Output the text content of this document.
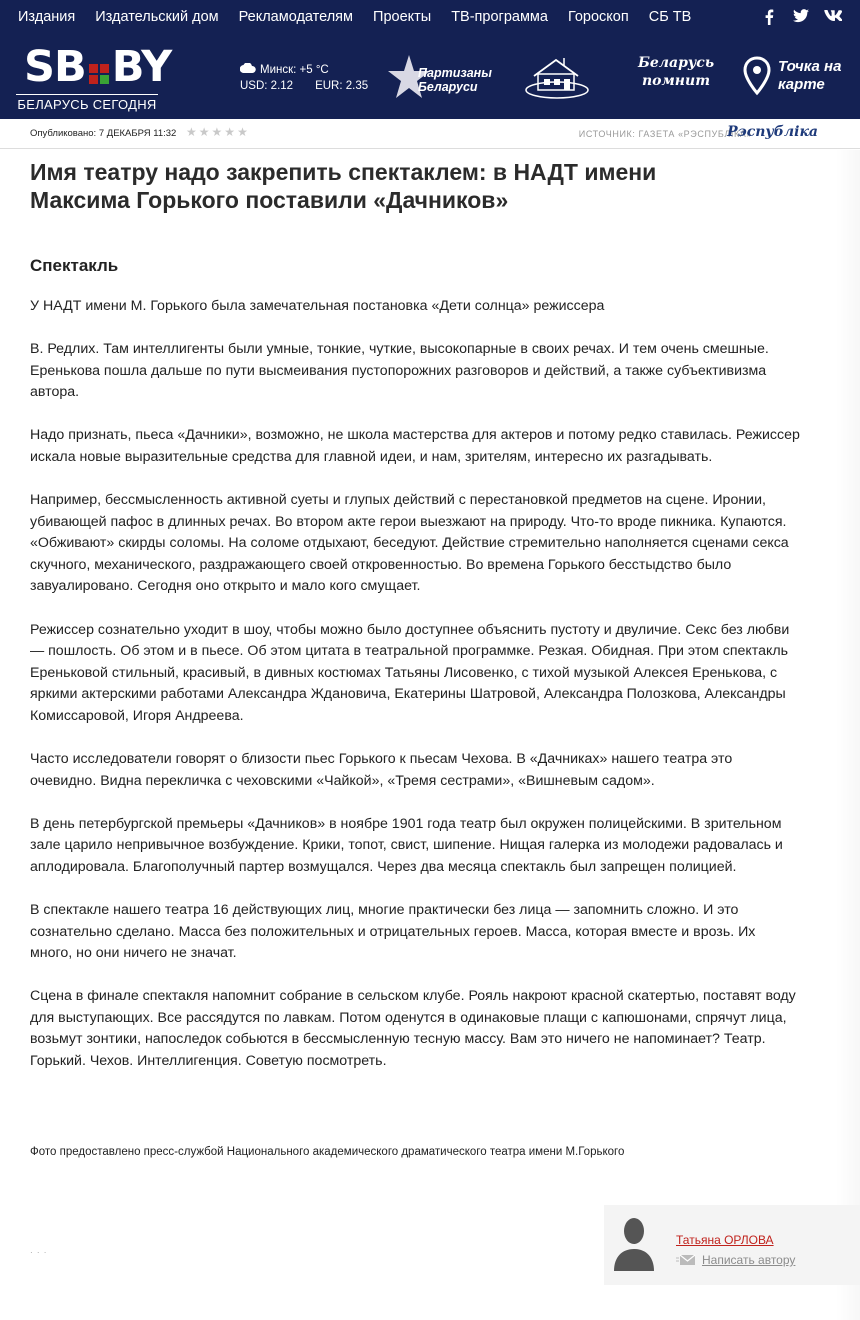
Издания Издательский дом Рекламодателям Проекты ТВ-программа Гороскоп СБ ТВ
SB BY
БЕЛАРУСЬ СЕГОДНЯ
Минск: +5 °С
USD: 2.12 EUR: 2.35
Партизаны Беларуси
Беларусь
помнит
Точка на
карте
Опубликовано: 7 ДЕКАБРЯ 11:32 ★ ★ ★ ★ ★	ИСТОЧНИК: ГАЗЕТА «РЭСПУБЛІКА»
Рэспубліка
Имя театру надо закрепить спектаклем: в НАДТ имени Максима Горького поставили «Дачников»
Спектакль

У НАДТ имени М. Горького была замечательная постановка «Дети солнца» режиссера

В. Редлих. Там интеллигенты были умные, тонкие, чуткие, высокопарные в своих речах. И тем очень смешные. Еренькова пошла дальше по пути высмеивания пустопорожних разговоров и действий, а также субъективизма автора.

Надо признать, пьеса «Дачники», возможно, не школа мастерства для актеров и потому редко ставилась. Режиссер искала новые выразительные средства для главной идеи, и нам, зрителям, интересно их разгадывать.

Например, бессмысленность активной суеты и глупых действий с перестановкой предметов на сцене. Иронии, убивающей пафос в длинных речах. Во втором акте герои выезжают на природу. Что-то вроде пикника. Купаются. «Обживают» скирды соломы. На соломе отдыхают, беседуют. Действие стремительно наполняется сценами секса скучного, механического, раздражающего своей откровенностью. Во времена Горького бесстыдство было завуалировано. Сегодня оно открыто и мало кого смущает.

Режиссер сознательно уходит в шоу, чтобы можно было доступнее объяснить пустоту и двуличие. Секс без любви — пошлость. Об этом и в пьесе. Об этом цитата в театральной программке. Резкая. Обидная. При этом спектакль Ереньковой стильный, красивый, в дивных костюмах Татьяны Лисовенко, с тихой музыкой Алексея Еренькова, с яркими актерскими работами Александра Ждановича, Екатерины Шатровой, Александра Полозкова, Александры Комиссаровой, Игоря Андреева.

Часто исследователи говорят о близости пьес Горького к пьесам Чехова. В «Дачниках» нашего театра это очевидно. Видна перекличка с чеховскими «Чайкой», «Тремя сестрами», «Вишневым садом».

В день петербургской премьеры «Дачников» в ноябре 1901 года театр был окружен полицейскими. В зрительном зале царило непривычное возбуждение. Крики, топот, свист, шипение. Нищая галерка из молодежи радовалась и аплодировала. Благополучный партер возмущался. Через два месяца спектакль был запрещен полицией.

В спектакле нашего театра 16 действующих лиц, многие практически без лица — запомнить сложно. И это сознательно сделано. Масса без положительных и отрицательных героев. Масса, которая вместе и врозь. Их много, но они ничего не значат.

Сцена в финале спектакля напомнит собрание в сельском клубе. Рояль накроют красной скатертью, поставят воду для выступающих. Все рассядутся по лавкам. Потом оденутся в одинаковые плащи с капюшонами, спрячут лица, возьмут зонтики, напоследок собьются в бессмысленную тесную массу. Вам это ничего не напоминает? Театр. Горький. Чехов. Интеллигенция. Советую посмотреть.

Фото предоставлено пресс-службой Национального академического драматического театра имени М.Горького
· · ·
Татьяна ОРЛОВА
Написать автору
